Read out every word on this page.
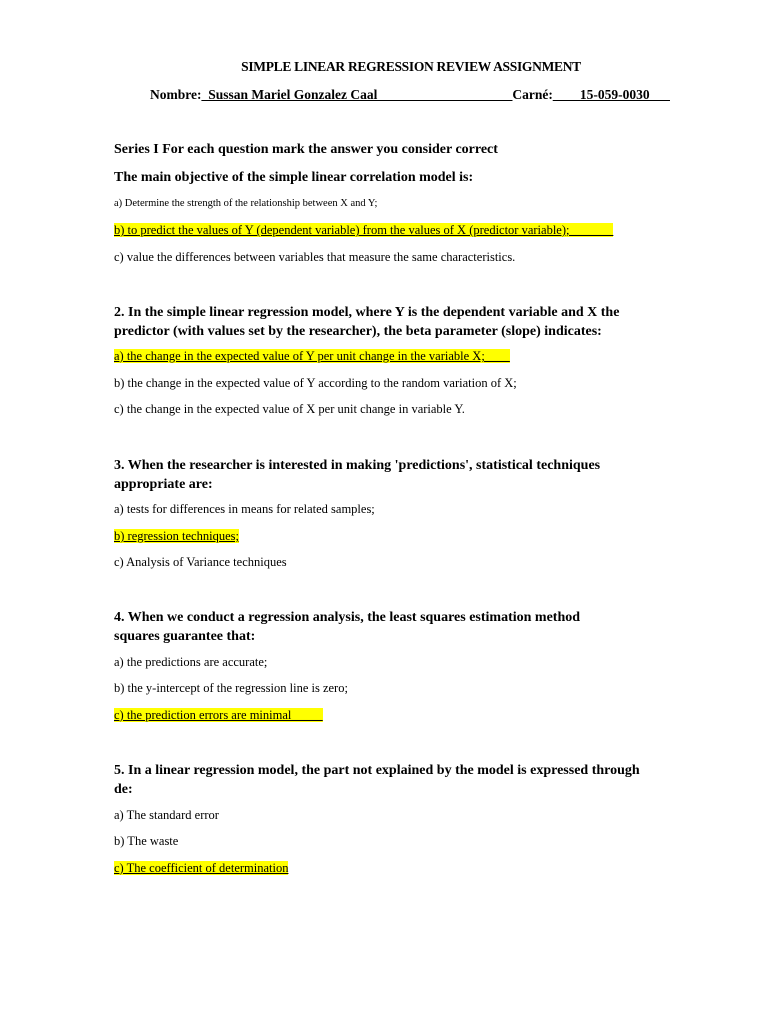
SIMPLE LINEAR REGRESSION REVIEW ASSIGNMENT
Nombre:_Sussan Mariel Gonzalez Caal____________________Carné:____15-059-0030___

Series I For each question mark the answer you consider correct

The main objective of the simple linear correlation model is:

a) Determine the strength of the relationship between X and Y;

b) to predict the values of Y (dependent variable) from the values of X (predictor variable);_______

c) value the differences between variables that measure the same characteristics.

2. In the simple linear regression model, where Y is the dependent variable and X the

predictor (with values set by the researcher), the beta parameter (slope) indicates:

a) the change in the expected value of Y per unit change in the variable X;____

b) the change in the expected value of Y according to the random variation of X;

c) the change in the expected value of X per unit change in variable Y.

3. When the researcher is interested in making 'predictions', statistical techniques

appropriate are:

a) tests for differences in means for related samples;

b) regression techniques;

c) Analysis of Variance techniques

4. When we conduct a regression analysis, the least squares estimation method

squares guarantee that:

a) the predictions are accurate;

b) the y-intercept of the regression line is zero;

c) the prediction errors are minimal_____

5. In a linear regression model, the part not explained by the model is expressed through

de:

a) The standard error

b) The waste

c) The coefficient of determination
